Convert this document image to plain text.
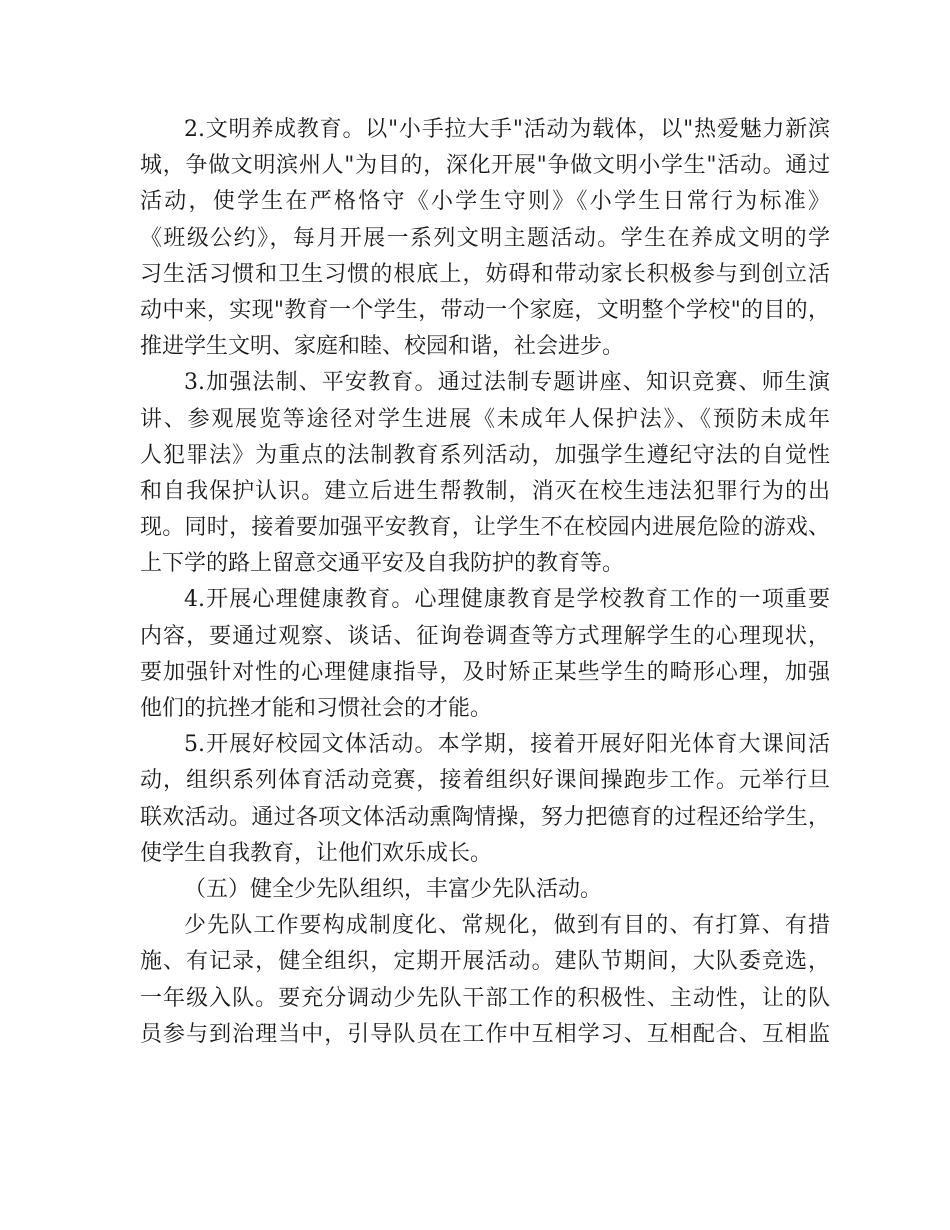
2.文明养成教育。以"小手拉大手"活动为载体，以"热爱魅力新滨
城，争做文明滨州人"为目的，深化开展"争做文明小学生"活动。通过
活动，使学生在严格恪守《小学生守则》《小学生日常行为标准》
《班级公约》，每月开展一系列文明主题活动。学生在养成文明的学
习生活习惯和卫生习惯的根底上，妨碍和带动家长积极参与到创立活
动中来，实现"教育一个学生，带动一个家庭，文明整个学校"的目的，
推进学生文明、家庭和睦、校园和谐，社会进步。
3.加强法制、平安教育。通过法制专题讲座、知识竞赛、师生演
讲、参观展览等途径对学生进展《未成年人保护法》、《预防未成年
人犯罪法》为重点的法制教育系列活动，加强学生遵纪守法的自觉性
和自我保护认识。建立后进生帮教制，消灭在校生违法犯罪行为的出
现。同时，接着要加强平安教育，让学生不在校园内进展危险的游戏、
上下学的路上留意交通平安及自我防护的教育等。
4.开展心理健康教育。心理健康教育是学校教育工作的一项重要
内容，要通过观察、谈话、征询卷调查等方式理解学生的心理现状，
要加强针对性的心理健康指导，及时矫正某些学生的畸形心理，加强
他们的抗挫才能和习惯社会的才能。
5.开展好校园文体活动。本学期，接着开展好阳光体育大课间活
动，组织系列体育活动竞赛，接着组织好课间操跑步工作。元举行旦
联欢活动。通过各项文体活动熏陶情操，努力把德育的过程还给学生，
使学生自我教育，让他们欢乐成长。
（五）健全少先队组织，丰富少先队活动。
少先队工作要构成制度化、常规化，做到有目的、有打算、有措
施、有记录，健全组织，定期开展活动。建队节期间，大队委竞选，
一年级入队。要充分调动少先队干部工作的积极性、主动性，让的队
员参与到治理当中，引导队员在工作中互相学习、互相配合、互相监
